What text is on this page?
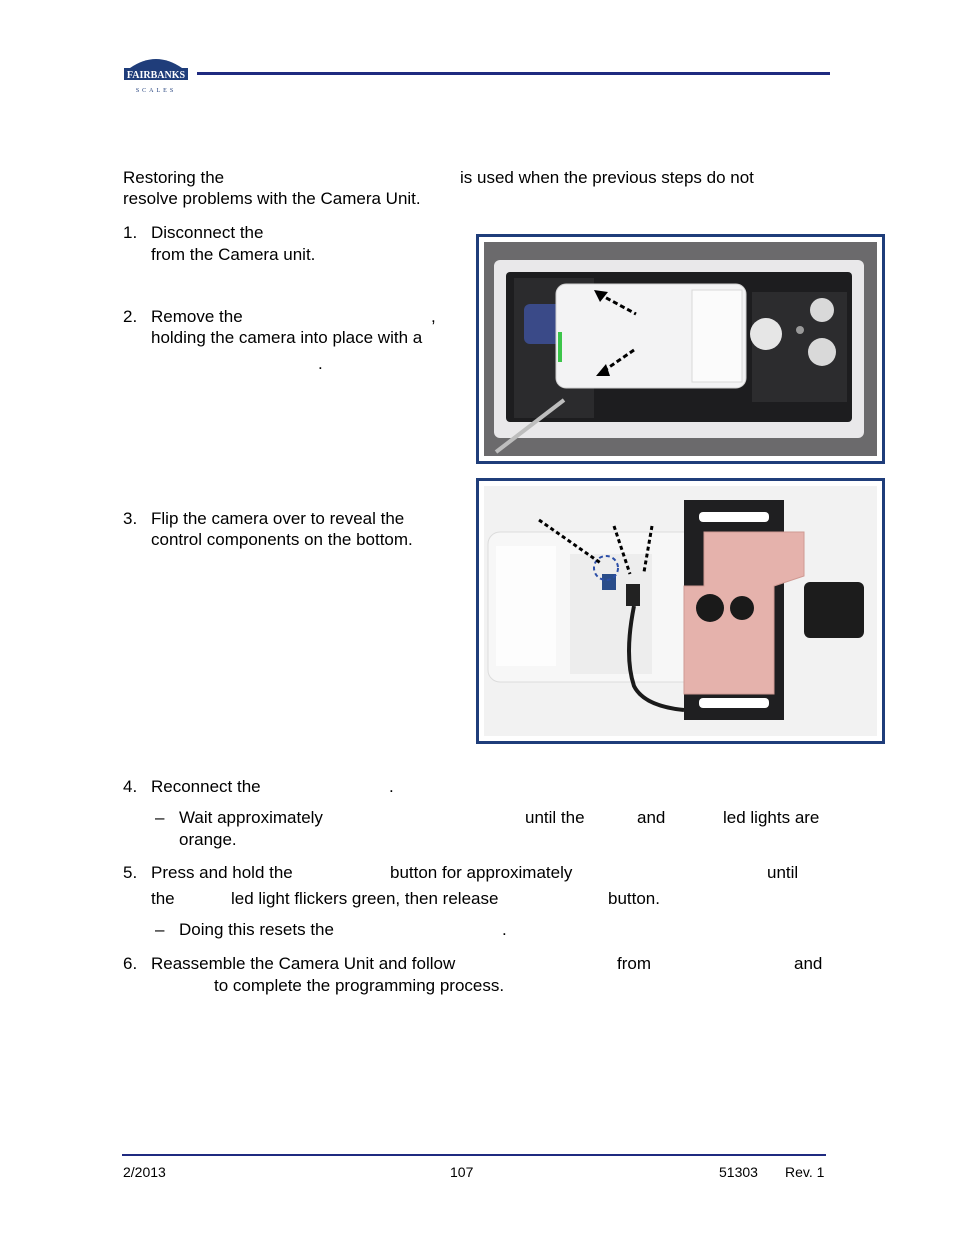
FAIRBANKS
SCALES
Restoring the	is used when the previous steps do not
resolve problems with the Camera Unit.
1. Disconnect the
from the Camera unit.
2. Remove the	,
holding the camera into place with a
.
3. Flip the camera over to reveal the
control components on the bottom.
4. Reconnect the	.
– Wait approximately	until the	and	led lights are
orange.
5. Press and hold the	button for approximately	until
the	led light flickers green, then release	button.
– Doing this resets the	.
6. Reassemble the Camera Unit and follow	from	and
to complete the programming process.
2/2013	107	51303 Rev. 1
